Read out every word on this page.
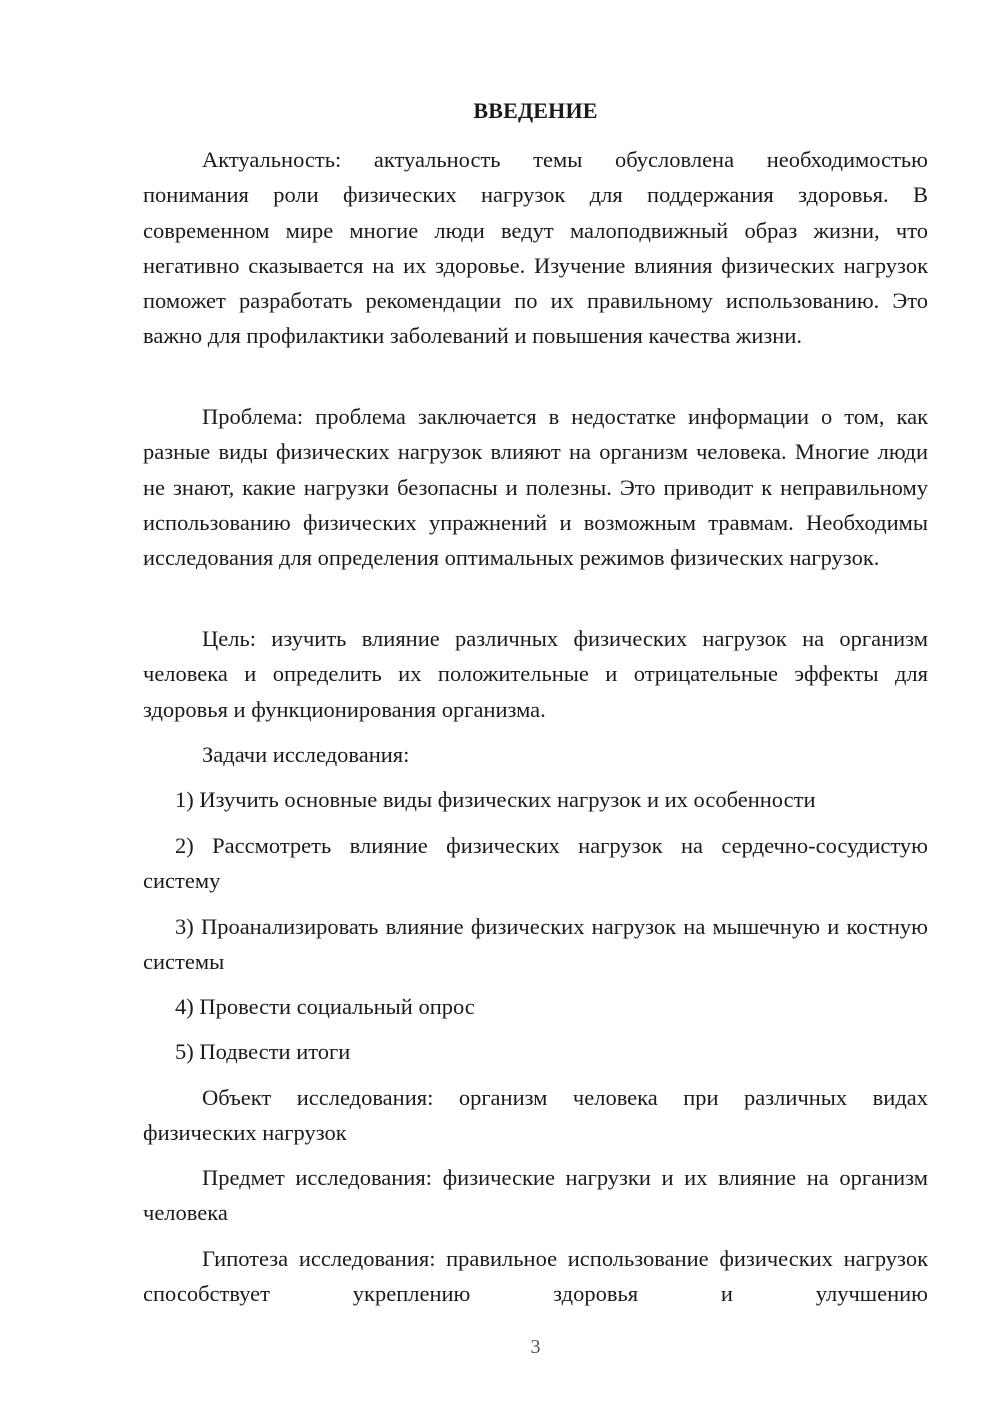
ВВЕДЕНИЕ

Актуальность: актуальность темы обусловлена необходимостью понимания роли физических нагрузок для поддержания здоровья. В современном мире многие люди ведут малоподвижный образ жизни, что негативно сказывается на их здоровье. Изучение влияния физических нагрузок поможет разработать рекомендации по их правильному использованию. Это важно для профилактики заболеваний и повышения качества жизни.

Проблема: проблема заключается в недостатке информации о том, как разные виды физических нагрузок влияют на организм человека. Многие люди не знают, какие нагрузки безопасны и полезны. Это приводит к неправильному использованию физических упражнений и возможным травмам. Необходимы исследования для определения оптимальных режимов физических нагрузок.

Цель: изучить влияние различных физических нагрузок на организм человека и определить их положительные и отрицательные эффекты для здоровья и функционирования организма.

Задачи исследования:

1) Изучить основные виды физических нагрузок и их особенности

2) Рассмотреть влияние физических нагрузок на сердечно-сосудистую систему

3) Проанализировать влияние физических нагрузок на мышечную и костную системы

4) Провести социальный опрос

5) Подвести итоги

Объект исследования: организм человека при различных видах физических нагрузок

Предмет исследования: физические нагрузки и их влияние на организм человека

Гипотеза исследования: правильное использование физических нагрузок способствует укреплению здоровья и улучшению

3
